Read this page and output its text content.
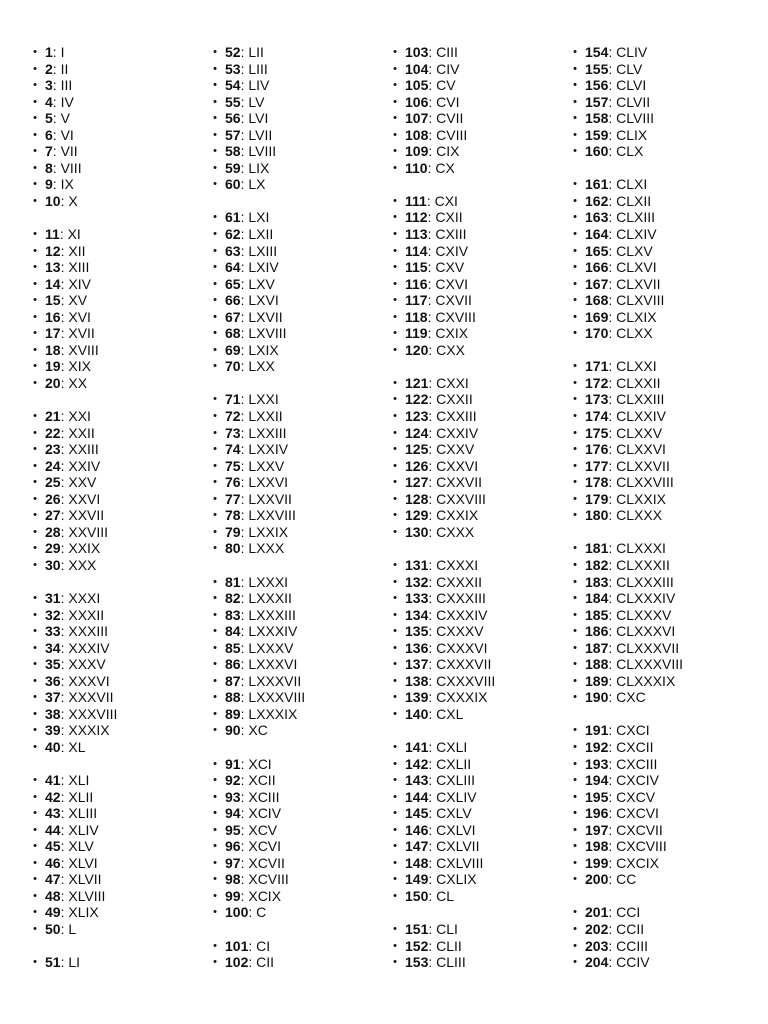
• 1: I
• 2: II
• 3: III
• 4: IV
• 5: V
• 6: VI
• 7: VII
• 8: VIII
• 9: IX
• 10: X
• 11: XI
• 12: XII
• 13: XIII
• 14: XIV
• 15: XV
• 16: XVI
• 17: XVII
• 18: XVIII
• 19: XIX
• 20: XX
• 21: XXI
• 22: XXII
• 23: XXIII
• 24: XXIV
• 25: XXV
• 26: XXVI
• 27: XXVII
• 28: XXVIII
• 29: XXIX
• 30: XXX
• 31: XXXI
• 32: XXXII
• 33: XXXIII
• 34: XXXIV
• 35: XXXV
• 36: XXXVI
• 37: XXXVII
• 38: XXXVIII
• 39: XXXIX
• 40: XL
• 41: XLI
• 42: XLII
• 43: XLIII
• 44: XLIV
• 45: XLV
• 46: XLVI
• 47: XLVII
• 48: XLVIII
• 49: XLIX
• 50: L
• 51: LI
• 52: LII
• 53: LIII
• 54: LIV
• 55: LV
• 56: LVI
• 57: LVII
• 58: LVIII
• 59: LIX
• 60: LX
• 61: LXI
• 62: LXII
• 63: LXIII
• 64: LXIV
• 65: LXV
• 66: LXVI
• 67: LXVII
• 68: LXVIII
• 69: LXIX
• 70: LXX
• 71: LXXI
• 72: LXXII
• 73: LXXIII
• 74: LXXIV
• 75: LXXV
• 76: LXXVI
• 77: LXXVII
• 78: LXXVIII
• 79: LXXIX
• 80: LXXX
• 81: LXXXI
• 82: LXXXII
• 83: LXXXIII
• 84: LXXXIV
• 85: LXXXV
• 86: LXXXVI
• 87: LXXXVII
• 88: LXXXVIII
• 89: LXXXIX
• 90: XC
• 91: XCI
• 92: XCII
• 93: XCIII
• 94: XCIV
• 95: XCV
• 96: XCVI
• 97: XCVII
• 98: XCVIII
• 99: XCIX
• 100: C
• 101: CI
• 102: CII
• 103: CIII
• 104: CIV
• 105: CV
• 106: CVI
• 107: CVII
• 108: CVIII
• 109: CIX
• 110: CX
• 111: CXI
• 112: CXII
• 113: CXIII
• 114: CXIV
• 115: CXV
• 116: CXVI
• 117: CXVII
• 118: CXVIII
• 119: CXIX
• 120: CXX
• 121: CXXI
• 122: CXXII
• 123: CXXIII
• 124: CXXIV
• 125: CXXV
• 126: CXXVI
• 127: CXXVII
• 128: CXXVIII
• 129: CXXIX
• 130: CXXX
• 131: CXXXI
• 132: CXXXII
• 133: CXXXIII
• 134: CXXXIV
• 135: CXXXV
• 136: CXXXVI
• 137: CXXXVII
• 138: CXXXVIII
• 139: CXXXIX
• 140: CXL
• 141: CXLI
• 142: CXLII
• 143: CXLIII
• 144: CXLIV
• 145: CXLV
• 146: CXLVI
• 147: CXLVII
• 148: CXLVIII
• 149: CXLIX
• 150: CL
• 151: CLI
• 152: CLII
• 153: CLIII
• 154: CLIV
• 155: CLV
• 156: CLVI
• 157: CLVII
• 158: CLVIII
• 159: CLIX
• 160: CLX
• 161: CLXI
• 162: CLXII
• 163: CLXIII
• 164: CLXIV
• 165: CLXV
• 166: CLXVI
• 167: CLXVII
• 168: CLXVIII
• 169: CLXIX
• 170: CLXX
• 171: CLXXI
• 172: CLXXII
• 173: CLXXIII
• 174: CLXXIV
• 175: CLXXV
• 176: CLXXVI
• 177: CLXXVII
• 178: CLXXVIII
• 179: CLXXIX
• 180: CLXXX
• 181: CLXXXI
• 182: CLXXXII
• 183: CLXXXIII
• 184: CLXXXIV
• 185: CLXXXV
• 186: CLXXXVI
• 187: CLXXXVII
• 188: CLXXXVIII
• 189: CLXXXIX
• 190: CXC
• 191: CXCI
• 192: CXCII
• 193: CXCIII
• 194: CXCIV
• 195: CXCV
• 196: CXCVI
• 197: CXCVII
• 198: CXCVIII
• 199: CXCIX
• 200: CC
• 201: CCI
• 202: CCII
• 203: CCIII
• 204: CCIV
